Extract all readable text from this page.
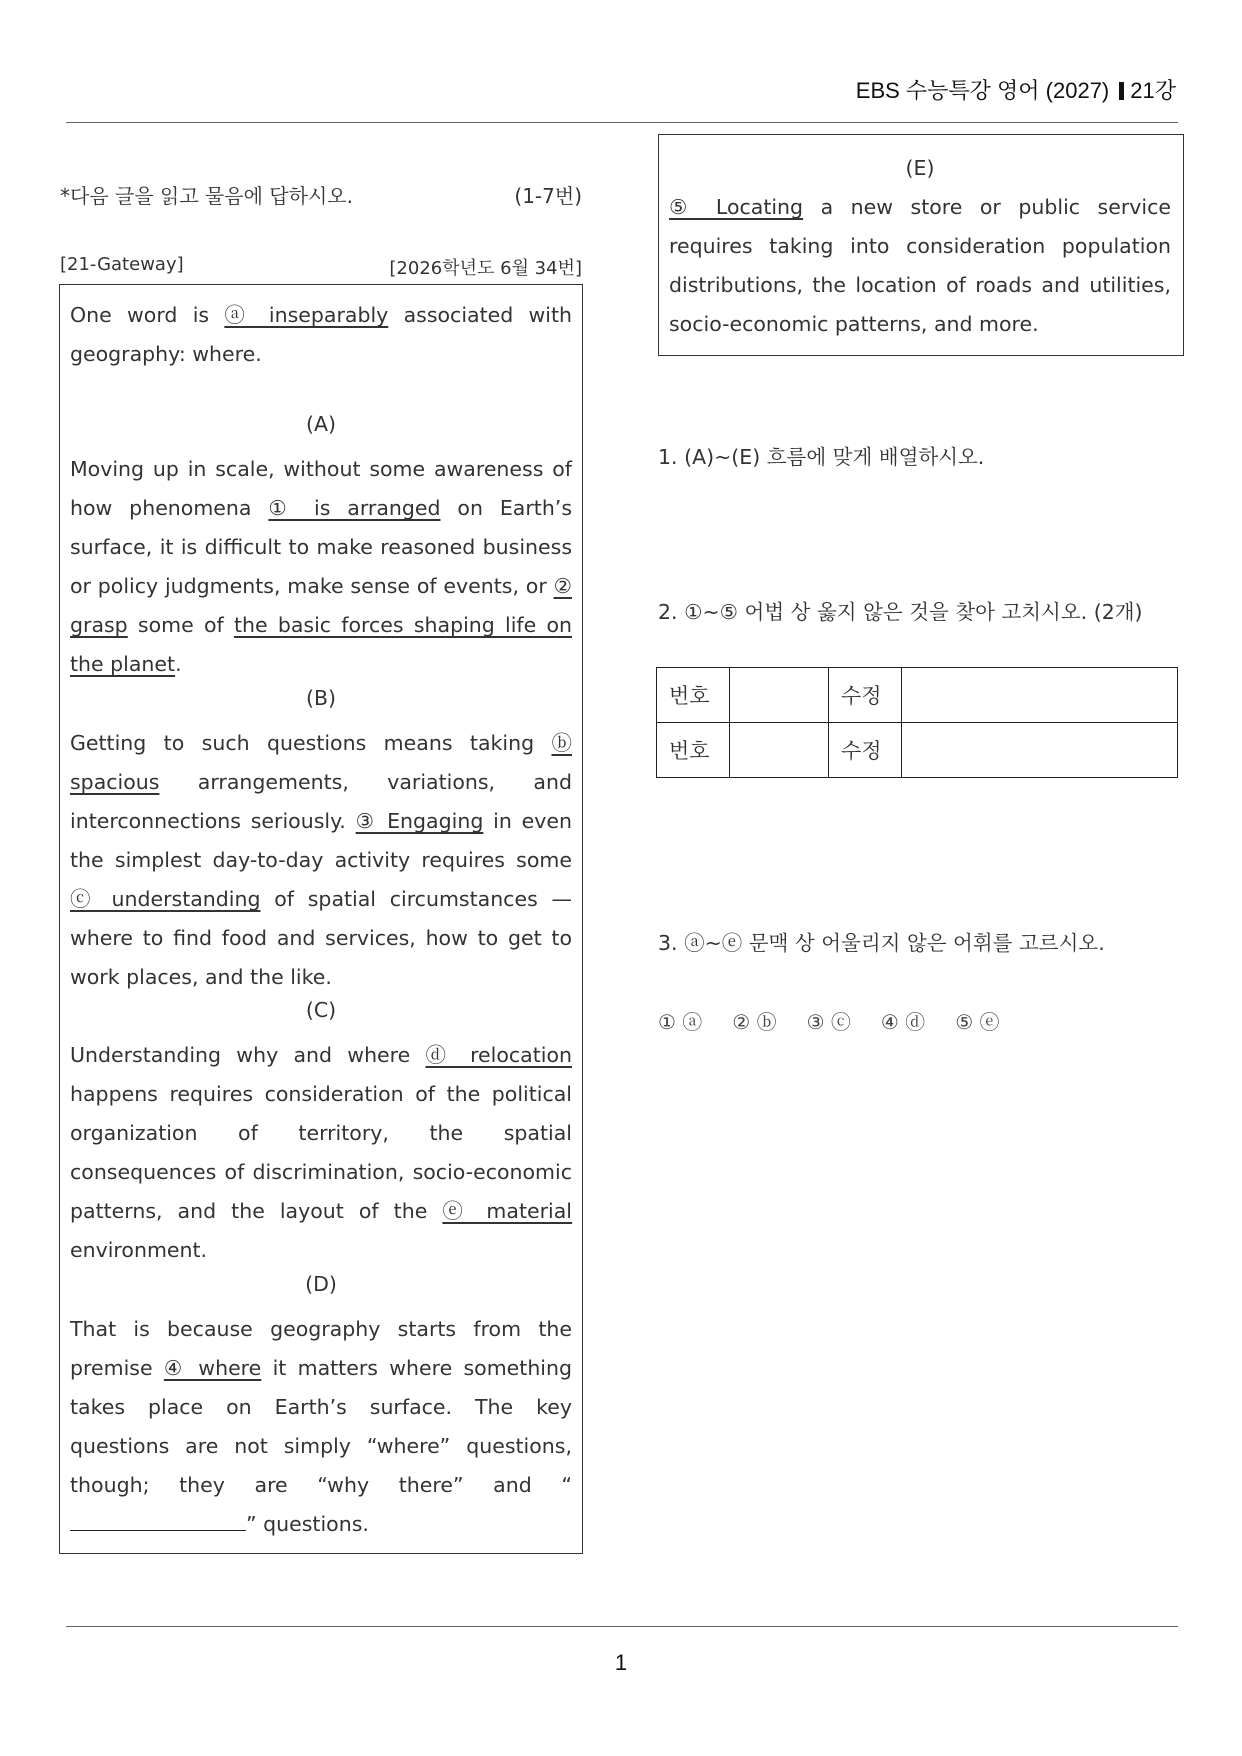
EBS 수능특강 영어 (2027) 21강
*다음 글을 읽고 물음에 답하시오.	(1-7번)
[21-Gateway]	[2026학년도 6월 34번]
One word is ⓐ inseparably associated with geography: where.
(A)
Moving up in scale, without some awareness of how phenomena ① is arranged on Earth’s surface, it is difficult to make reasoned business or policy judgments, make sense of events, or ② grasp some of the basic forces shaping life on the planet.
(B)
Getting to such questions means taking ⓑ spacious arrangements, variations, and interconnections seriously. ③ Engaging in even the simplest day-to-day activity requires some ⓒ understanding of spatial circumstances — where to find food and services, how to get to work places, and the like.
(C)
Understanding why and where ⓓ relocation happens requires consideration of the political organization of territory, the spatial consequences of discrimination, socio-economic patterns, and the layout of the ⓔ material environment.
(D)
That is because geography starts from the premise ④ where it matters where something takes place on Earth’s surface. The key questions are not simply “where” questions, though; they are “why there” and “” questions.
(E)
⑤ Locating a new store or public service requires taking into consideration population distributions, the location of roads and utilities, socio-economic patterns, and more.
1. (A)~(E) 흐름에 맞게 배열하시오.
2. ①~⑤ 어법 상 옳지 않은 것을 찾아 고치시오. (2개)
번호		수정	
번호		수정	
3. ⓐ~ⓔ 문맥 상 어울리지 않은 어휘를 고르시오.
① ⓐ ② ⓑ ③ ⓒ ④ ⓓ ⑤ ⓔ
1
